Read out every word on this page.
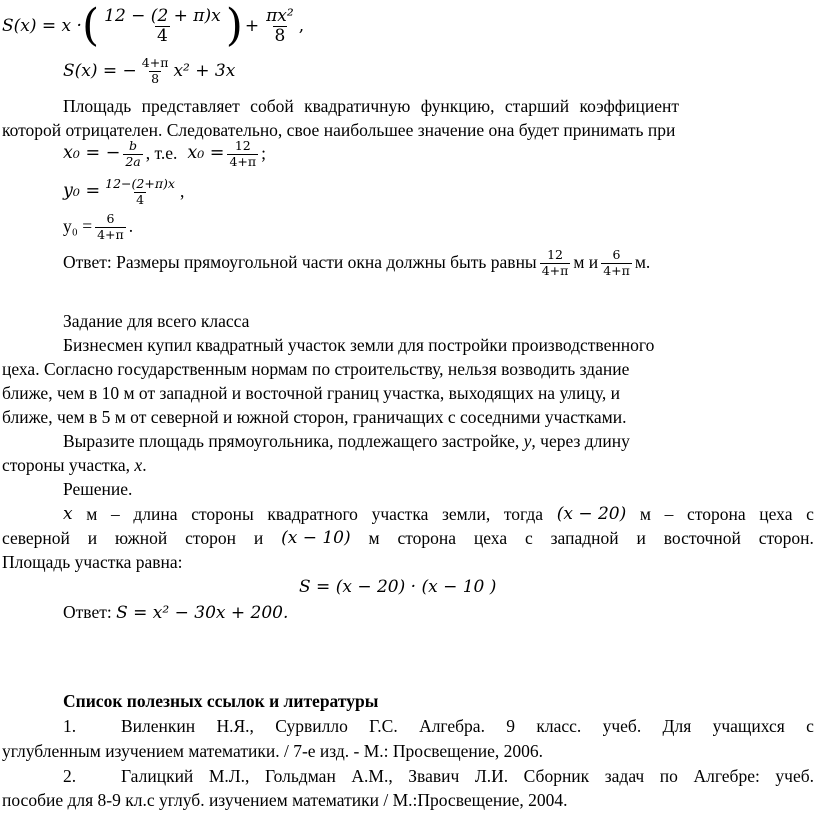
S(x) = x · ( $\frac{12 - (2 + \pi)x}{4}$ ) + $\frac{\text{πx²}}{8}$ ,
S(x) = − $\frac{4+\pi}{8} x^2 + 3x$
Площадь представляет собой квадратичную функцию, старший коэффициент
которой отрицателен. Следовательно, свое наибольшее значение она будет принимать при
x₀ = − $\frac{b}{2a}$ , т.е. $x_0 = \frac{12}{4+\pi}$ ;
$y_0 = \frac{12-(2+\pi)x}{4}$ ,
$y_0 = \frac{6}{4+\pi}$ .
Ответ: Размеры прямоугольной части окна должны быть равны $\frac{12}{4+\pi}$ м и $\frac{6}{4+\pi} м$.
Задание для всего класса
Бизнесмен купил квадратный участок земли для постройки производственного
цеха. Согласно государственным нормам по строительству, нельзя возводить здание
ближе, чем в 10 м от западной и восточной границ участка, выходящих на улицу, и
ближе, чем в 5 м от северной и южной сторон, граничащих с соседними участками.
Выразите площадь прямоугольника, подлежащего застройке, y, через длину
стороны участка, x.
Решение.
x м – длина стороны квадратного участка земли, тогда (x − 20) м – сторона цеха с
северной и южной сторон и (x − 10) м сторона цеха с западной и восточной сторон.
Площадь участка равна:
S = (x − 20) · (x − 10 )
Ответ: S = x² − 30x + 200.
Список полезных ссылок и литературы
1.	Виленкин Н.Я., Сурвилло Г.С. Алгебра. 9 класс. учеб. Для учащихся с
углубленным изучением математики. / 7-е изд. - М.: Просвещение, 2006.
2.	Галицкий М.Л., Гольдман А.М., Звавич Л.И. Сборник задач по Алгебре: учеб.
пособие для 8-9 кл.с углуб. изучением математики / М.:Просвещение, 2004.
